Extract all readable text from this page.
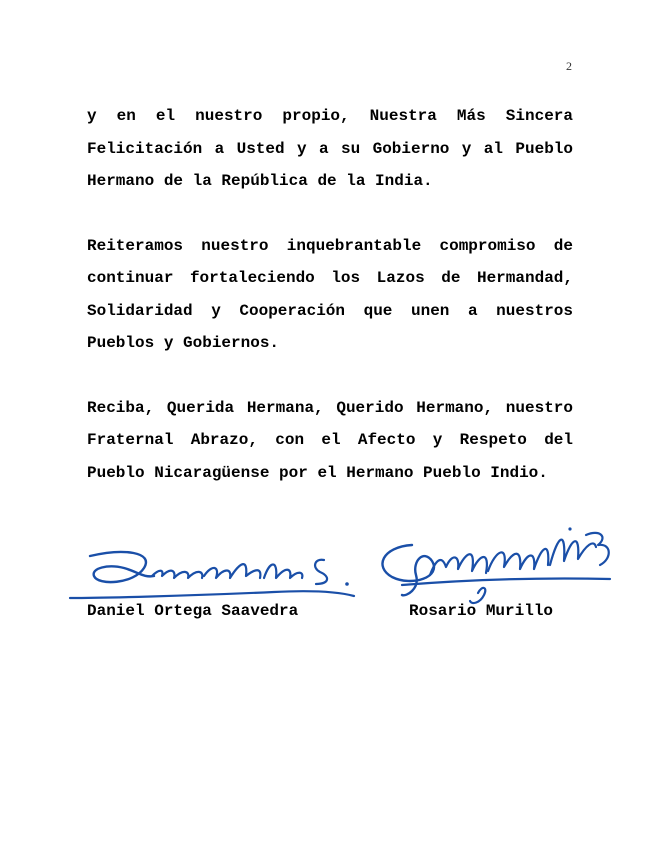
2

y en el nuestro propio, Nuestra Más Sincera Felicitación a Usted y a su Gobierno y al Pueblo Hermano de la República de la India.

Reiteramos nuestro inquebrantable compromiso de continuar fortaleciendo los Lazos de Hermandad, Solidaridad y Cooperación que unen a nuestros Pueblos y Gobiernos.

Reciba, Querida Hermana, Querido Hermano, nuestro Fraternal Abrazo, con el Afecto y Respeto del Pueblo Nicaragüense por el Hermano Pueblo Indio.

Daniel Ortega Saavedra	Rosario Murillo
